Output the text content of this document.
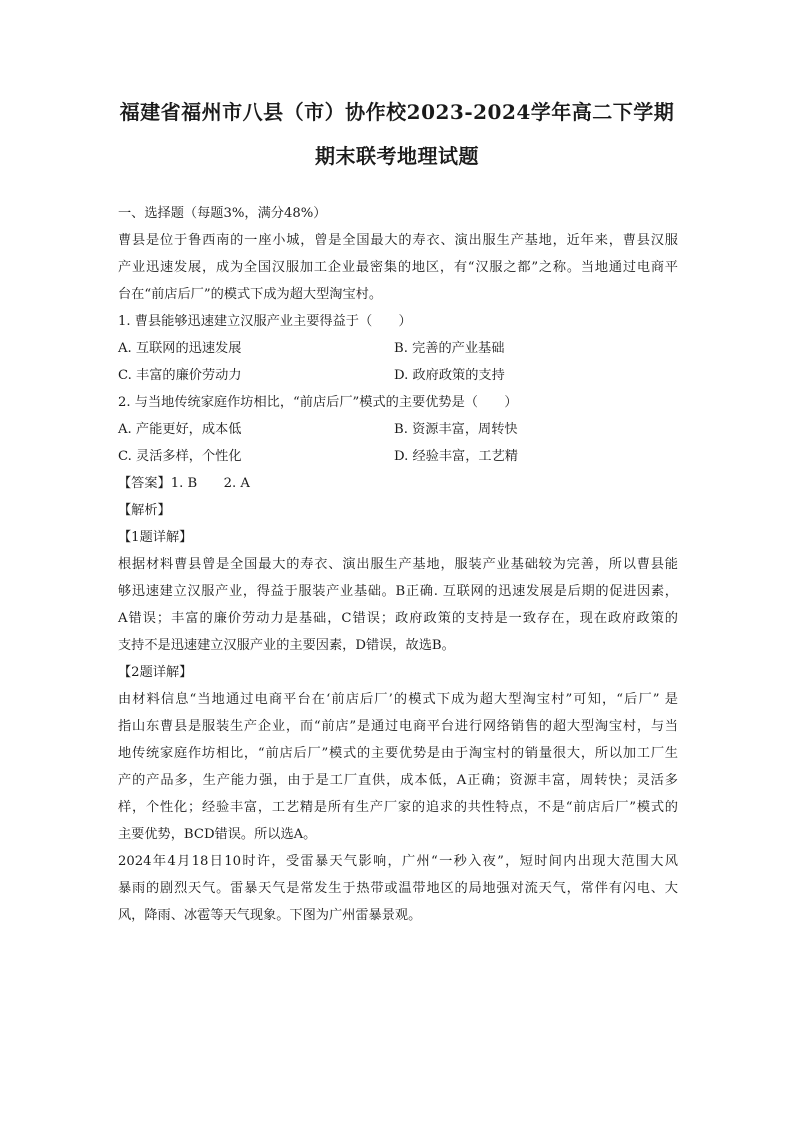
福建省福州市八县（市）协作校2023-2024学年高二下学期
期末联考地理试题
一、选择题（每题3%，满分48%）
曹县是位于鲁西南的一座小城，曾是全国最大的寿衣、演出服生产基地，近年来，曹县汉服
产业迅速发展，成为全国汉服加工企业最密集的地区，有“汉服之都”之称。当地通过电商平
台在“前店后厂”的模式下成为超大型淘宝村。
1. 曹县能够迅速建立汉服产业主要得益于（　　）
A. 互联网的迅速发展	B. 完善的产业基础
C. 丰富的廉价劳动力	D. 政府政策的支持
2. 与当地传统家庭作坊相比，“前店后厂”模式的主要优势是（　　）
A. 产能更好，成本低	B. 资源丰富，周转快
C. 灵活多样，个性化	D. 经验丰富，工艺精
【答案】1. B　　2. A
【解析】
【1题详解】
根据材料曹县曾是全国最大的寿衣、演出服生产基地，服装产业基础较为完善，所以曹县能
够迅速建立汉服产业，得益于服装产业基础。B正确. 互联网的迅速发展是后期的促进因素，
A错误；丰富的廉价劳动力是基础，C错误；政府政策的支持是一致存在，现在政府政策的
支持不是迅速建立汉服产业的主要因素，D错误，故选B。
【2题详解】
由材料信息“当地通过电商平台在‘前店后厂’的模式下成为超大型淘宝村”可知，“后厂” 是
指山东曹县是服装生产企业，而“前店”是通过电商平台进行网络销售的超大型淘宝村，与当
地传统家庭作坊相比，“前店后厂”模式的主要优势是由于淘宝村的销量很大，所以加工厂生
产的产品多，生产能力强，由于是工厂直供，成本低，A正确；资源丰富，周转快；灵活多
样，个性化；经验丰富，工艺精是所有生产厂家的追求的共性特点，不是“前店后厂”模式的
主要优势，BCD错误。所以选A。
2024年4月18日10时许，受雷暴天气影响，广州“一秒入夜”，短时间内出现大范围大风
暴雨的剧烈天气。雷暴天气是常发生于热带或温带地区的局地强对流天气，常伴有闪电、大
风，降雨、冰雹等天气现象。下图为广州雷暴景观。
